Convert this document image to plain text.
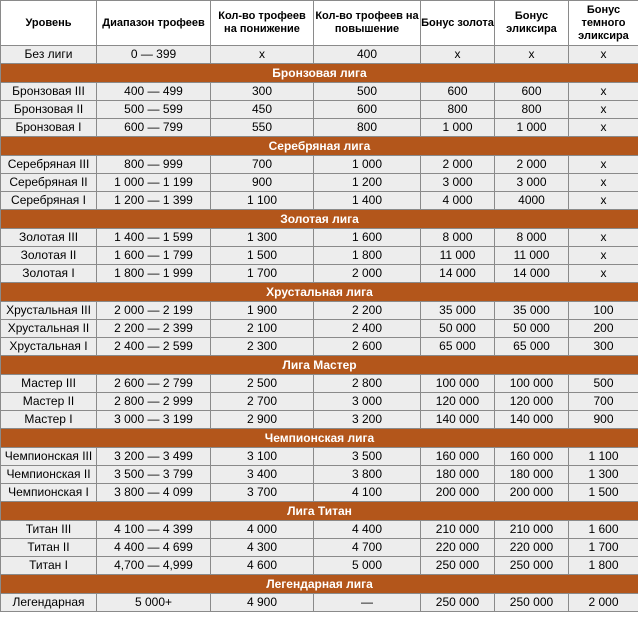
Уровень	Диапазон трофеев	Кол-во трофеев на понижение	Кол-во трофеев на повышение	Бонус золота	Бонус эликсира	Бонус темного эликсира
Без лиги	0 — 399	x	400	x	x	x
Бронзовая лига						
Бронзовая III	400 — 499	300	500	600	600	x
Бронзовая II	500 — 599	450	600	800	800	x
Бронзовая I	600 — 799	550	800	1 000	1 000	x
Серебряная лига						
Серебряная III	800 — 999	700	1 000	2 000	2 000	x
Серебряная II	1 000 — 1 199	900	1 200	3 000	3 000	x
Серебряная I	1 200 — 1 399	1 100	1 400	4 000	4000	x
Золотая лига						
Золотая III	1 400 — 1 599	1 300	1 600	8 000	8 000	x
Золотая II	1 600 — 1 799	1 500	1 800	11 000	11 000	x
Золотая I	1 800 — 1 999	1 700	2 000	14 000	14 000	x
Хрустальная лига						
Хрустальная III	2 000 — 2 199	1 900	2 200	35 000	35 000	100
Хрустальная II	2 200 — 2 399	2 100	2 400	50 000	50 000	200
Хрустальная I	2 400 — 2 599	2 300	2 600	65 000	65 000	300
Лига Мастер						
Мастер III	2 600 — 2 799	2 500	2 800	100 000	100 000	500
Мастер II	2 800 — 2 999	2 700	3 000	120 000	120 000	700
Мастер I	3 000 — 3 199	2 900	3 200	140 000	140 000	900
Чемпионская лига						
Чемпионская III	3 200 — 3 499	3 100	3 500	160 000	160 000	1 100
Чемпионская II	3 500 — 3 799	3 400	3 800	180 000	180 000	1 300
Чемпионская I	3 800 — 4 099	3 700	4 100	200 000	200 000	1 500
Лига Титан						
Титан III	4 100 — 4 399	4 000	4 400	210 000	210 000	1 600
Титан II	4 400 — 4 699	4 300	4 700	220 000	220 000	1 700
Титан I	4,700 — 4,999	4 600	5 000	250 000	250 000	1 800
Легендарная лига						
Легендарная	5 000+	4 900	—	250 000	250 000	2 000
